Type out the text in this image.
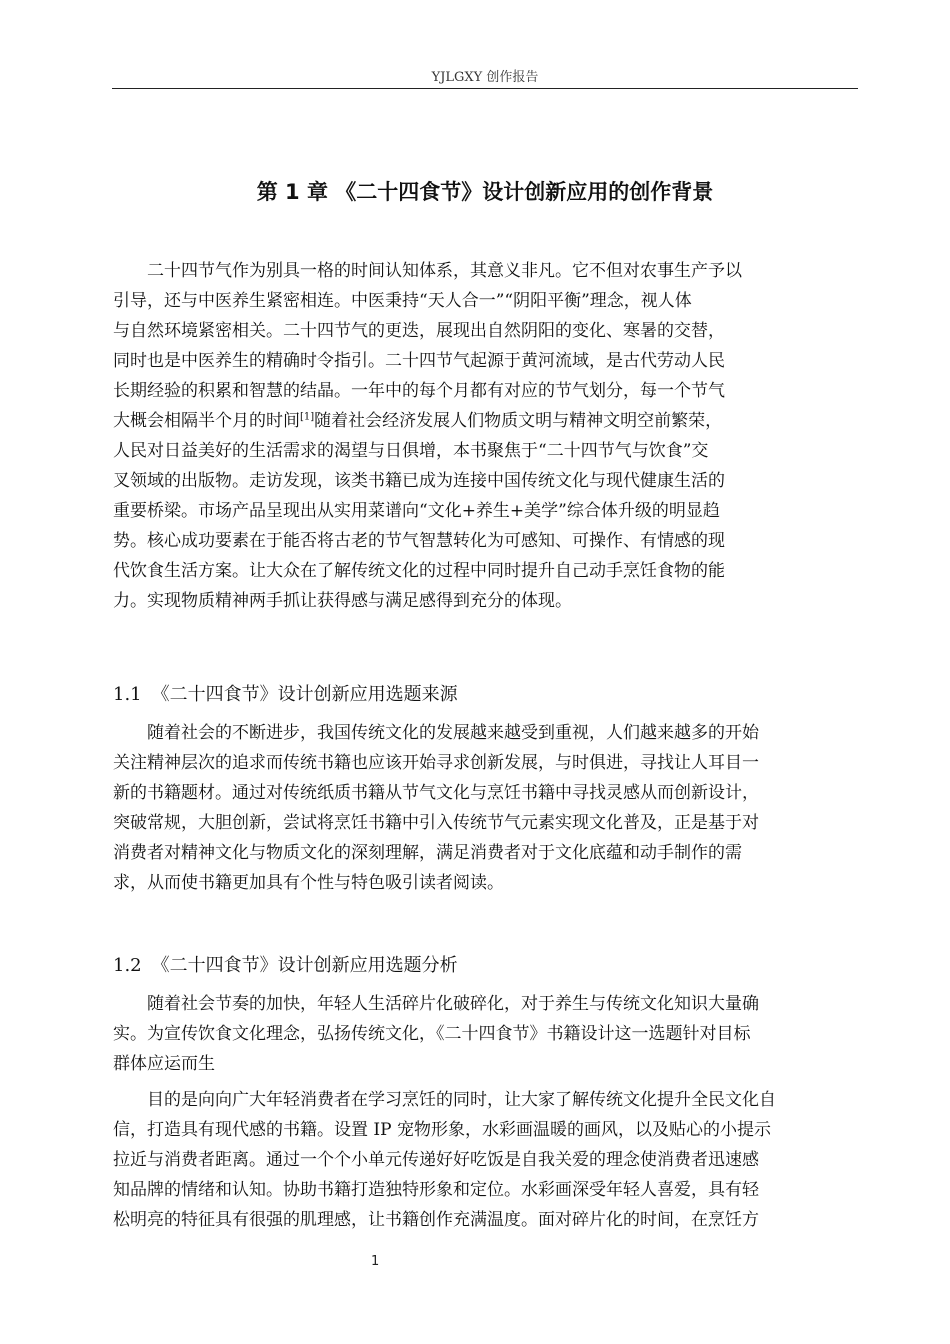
YJLGXY 创作报告
第 1 章 《二十四食节》设计创新应用的创作背景
二十四节气作为别具一格的时间认知体系，其意义非凡。它不但对农事生产予以
引导，还与中医养生紧密相连。中医秉持“天人合一”“阴阳平衡”理念，视人体
与自然环境紧密相关。二十四节气的更迭，展现出自然阴阳的变化、寒暑的交替，
同时也是中医养生的精确时令指引。二十四节气起源于黄河流域，是古代劳动人民
长期经验的积累和智慧的结晶。一年中的每个月都有对应的节气划分，每一个节气
大概会相隔半个月的时间[1]随着社会经济发展人们物质文明与精神文明空前繁荣，
人民对日益美好的生活需求的渴望与日俱增，本书聚焦于“二十四节气与饮食”交
叉领域的出版物。走访发现，该类书籍已成为连接中国传统文化与现代健康生活的
重要桥梁。市场产品呈现出从实用菜谱向“文化+养生+美学”综合体升级的明显趋
势。核心成功要素在于能否将古老的节气智慧转化为可感知、可操作、有情感的现
代饮食生活方案。让大众在了解传统文化的过程中同时提升自己动手烹饪食物的能
力。实现物质精神两手抓让获得感与满足感得到充分的体现。
1.1 《二十四食节》设计创新应用选题来源
随着社会的不断进步，我国传统文化的发展越来越受到重视，人们越来越多的开始
关注精神层次的追求而传统书籍也应该开始寻求创新发展，与时俱进，寻找让人耳目一
新的书籍题材。通过对传统纸质书籍从节气文化与烹饪书籍中寻找灵感从而创新设计，
突破常规，大胆创新，尝试将烹饪书籍中引入传统节气元素实现文化普及，正是基于对
消费者对精神文化与物质文化的深刻理解，满足消费者对于文化底蕴和动手制作的需
求，从而使书籍更加具有个性与特色吸引读者阅读。
1.2 《二十四食节》设计创新应用选题分析
随着社会节奏的加快，年轻人生活碎片化破碎化，对于养生与传统文化知识大量确
实。为宣传饮食文化理念，弘扬传统文化，《二十四食节》书籍设计这一选题针对目标
群体应运而生
目的是向向广大年轻消费者在学习烹饪的同时，让大家了解传统文化提升全民文化自
信，打造具有现代感的书籍。设置 IP 宠物形象，水彩画温暖的画风，以及贴心的小提示
拉近与消费者距离。通过一个个小单元传递好好吃饭是自我关爱的理念使消费者迅速感
知品牌的情绪和认知。协助书籍打造独特形象和定位。水彩画深受年轻人喜爱，具有轻
松明亮的特征具有很强的肌理感，让书籍创作充满温度。面对碎片化的时间，在烹饪方
1
